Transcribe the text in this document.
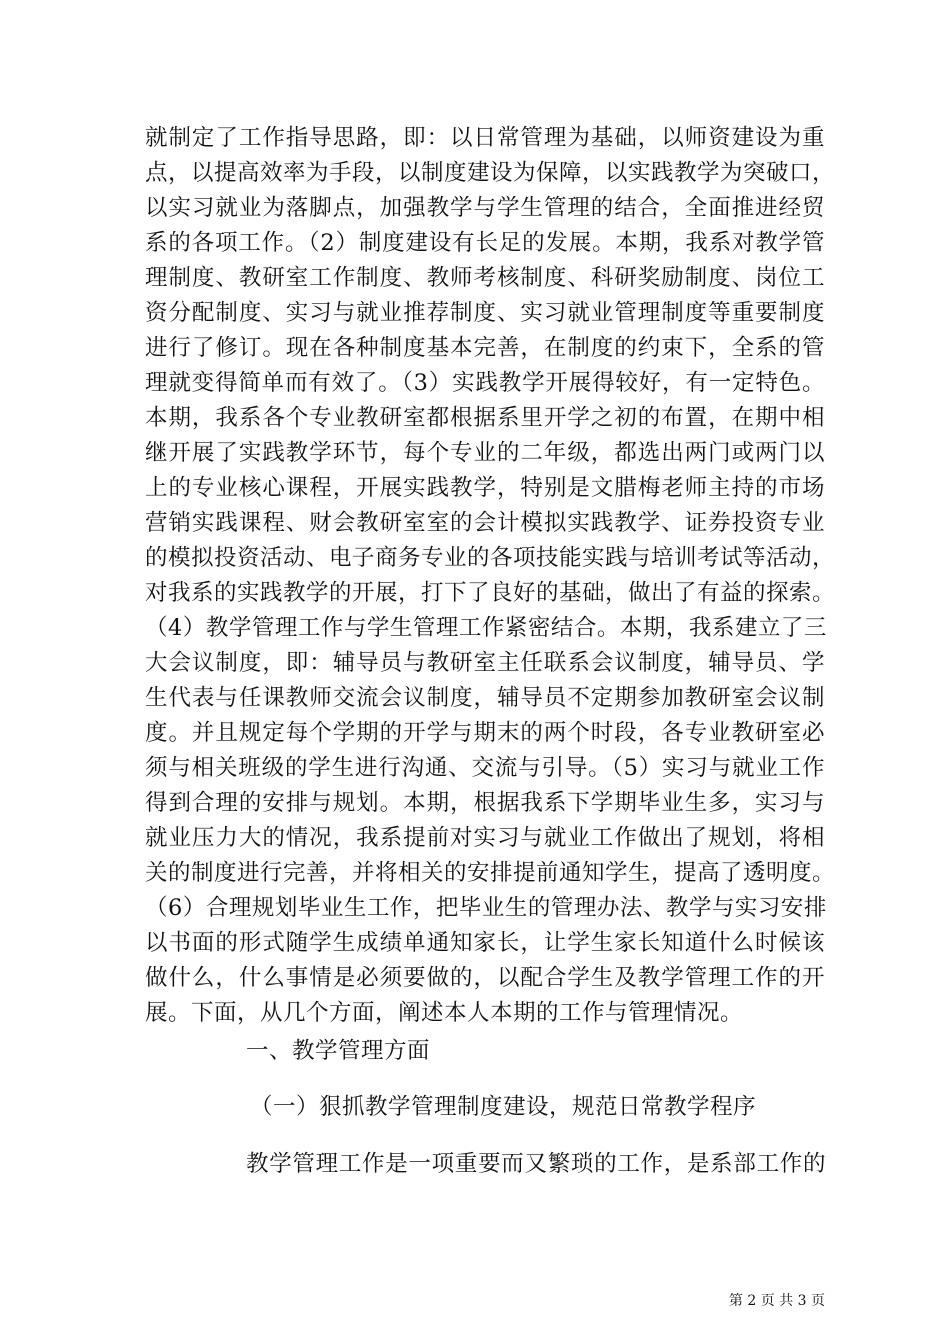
就制定了工作指导思路，即：以日常管理为基础，以师资建设为重
点，以提高效率为手段，以制度建设为保障，以实践教学为突破口，
以实习就业为落脚点，加强教学与学生管理的结合，全面推进经贸
系的各项工作。（2）制度建设有长足的发展。本期，我系对教学管
理制度、教研室工作制度、教师考核制度、科研奖励制度、岗位工
资分配制度、实习与就业推荐制度、实习就业管理制度等重要制度
进行了修订。现在各种制度基本完善，在制度的约束下，全系的管
理就变得简单而有效了。（3）实践教学开展得较好，有一定特色。
本期，我系各个专业教研室都根据系里开学之初的布置，在期中相
继开展了实践教学环节，每个专业的二年级，都选出两门或两门以
上的专业核心课程，开展实践教学，特别是文腊梅老师主持的市场
营销实践课程、财会教研室室的会计模拟实践教学、证券投资专业
的模拟投资活动、电子商务专业的各项技能实践与培训考试等活动，
对我系的实践教学的开展，打下了良好的基础，做出了有益的探索。
（4）教学管理工作与学生管理工作紧密结合。本期，我系建立了三
大会议制度，即：辅导员与教研室主任联系会议制度，辅导员、学
生代表与任课教师交流会议制度，辅导员不定期参加教研室会议制
度。并且规定每个学期的开学与期末的两个时段，各专业教研室必
须与相关班级的学生进行沟通、交流与引导。（5）实习与就业工作
得到合理的安排与规划。本期，根据我系下学期毕业生多，实习与
就业压力大的情况，我系提前对实习与就业工作做出了规划，将相
关的制度进行完善，并将相关的安排提前通知学生，提高了透明度。
（6）合理规划毕业生工作，把毕业生的管理办法、教学与实习安排
以书面的形式随学生成绩单通知家长，让学生家长知道什么时候该
做什么，什么事情是必须要做的，以配合学生及教学管理工作的开
展。下面，从几个方面，阐述本人本期的工作与管理情况。
一、教学管理方面
（一）狠抓教学管理制度建设，规范日常教学程序
教学管理工作是一项重要而又繁琐的工作，是系部工作的
第 2 页 共 3 页
